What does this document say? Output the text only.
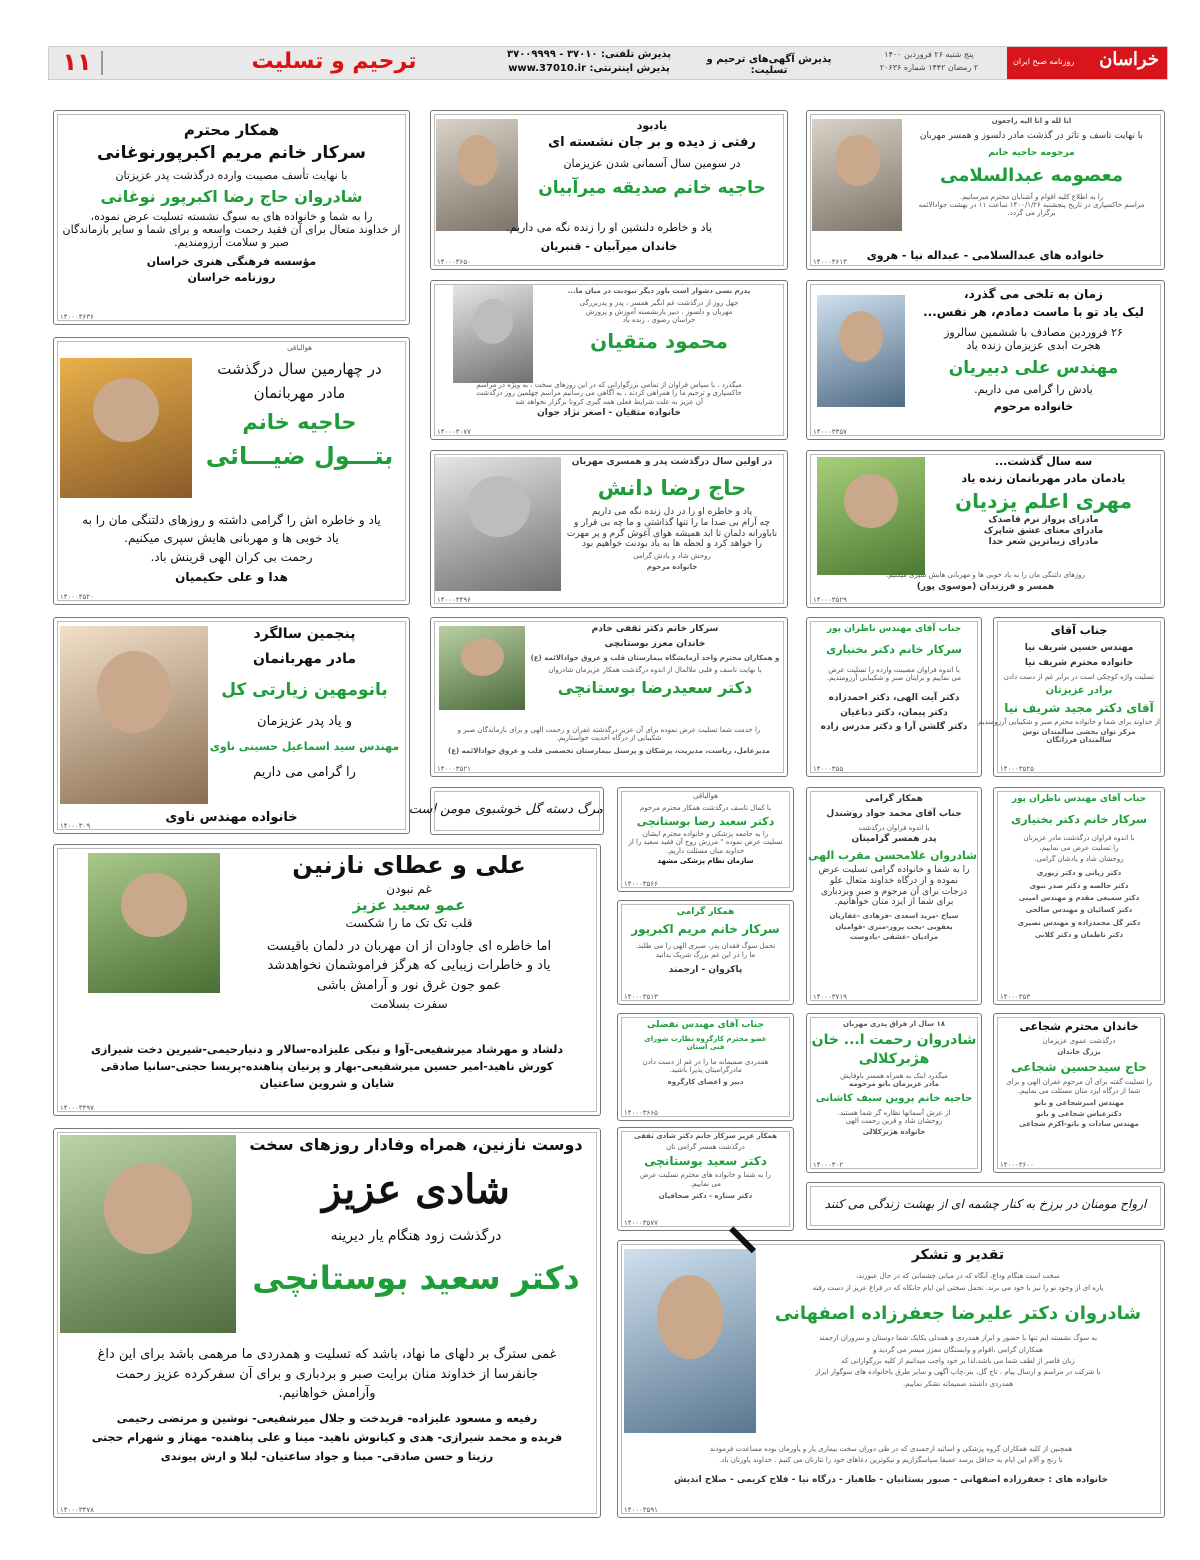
۱۱	ترحیم و تسلیت	پذیرش تلفنی: ۳۷۰۱۰ - ۳۷۰۰۹۹۹۹
پذیرش اینترنتی: www.37010.ir
پذیرش آگهی‌های ترحیم و تسلیت:
پنج شنبه ۲۶ فروردین ۱۴۰۰
۲ رمضان ۱۴۴۲ شماره ۲۰۶۳۶	خراسان
روزنامه صبح ایران
همکار محترم
سرکار خانم مریم اکبرپورنوغانی
با نهایت تأسف مصیبت وارده درگذشت پدر عزیزتان
شادروان حاج رضا اکبرپور نوغانی
را به شما و خانواده های به سوگ نشسته تسلیت عرض نموده،
از خداوند متعال برای آن فقید رحمت واسعه و برای شما و سایر بازماندگان
صبر و سلامت آرزومندیم.
مؤسسه فرهنگی هنری خراسان
روزنامه خراسان
۱۴۰۰۰۳۶۳۶
یادبود
رفتی ز دیده و بر جان نشسته ای
در سومین سال آسمانی شدن عزیزمان
حاجیه خانم صدیقه میرآبیان
یاد و خاطره دلنشین او را زنده نگه می داریم.
خاندان میرآبیان - قنبریان
۱۴۰۰۰۳۶۵۰
انا لله و انا الیه راجعون
با نهایت تاسف و تاثر در گذشت مادر دلسوز و همسر مهربان
مرحومه حاجیه خانم
معصومه عبدالسلامی
را به اطلاع کلیه اقوام و آشنایان محترم میرسانیم.
مراسم خاکسپاری در تاریخ پنجشنبه ۱۴۰۰/۱/۲۶ ساعت ۱۱ در بهشت جوادالائمه
برگزار می گردد.
خانواده های عبدالسلامی - عبداله نیا - هروی
۱۴۰۰۰۳۶۱۳
هوالباقی
در چهارمین سال درگذشت
مادر مهربانمان
حاجیه خانم
بتـــول ضیـــائی
یاد و خاطره اش را گرامی داشته و روزهای دلتنگی مان را به
یاد خوبی ها و مهربانی هایش سپری میکنیم.
رحمت بی کران الهی قرینش باد.
هدا و علی حکیمیان
۱۴۰۰۰۳۵۲۰
پدرم بسی دشوار است باور دیگر نبودنت در میان ما...
جهل روز از درگذشت غم انگیز همسر ، پدر و پدربزرگی
مهربان و دلسوز ، دبیر بازنشسته آموزش و پرورش
خراسان رضوی ، زنده یاد
محمود متقیان
میگذرد ، با سپاس فراوان از تمامی بزرگوارانی که در این روزهای سخت ، به ویژه در مراسم
خاکسپاری و ترحیم ما را همراهی کردند ، به آگاهی می رسانیم مراسم چهلمین روز درگذشت
آن عزیز به علت شرایط فعلی همه گیری کرونا برگزار نخواهد شد
خانواده متقیان - اصغر نژاد جوان
۱۴۰۰۰۳۰۷۷
زمان به تلخی می گذرد،
لیک یاد تو با ماست دمادم، هر نفس...
۲۶ فروردین مصادف با ششمین سالروز
هجرت ابدی عزیزمان زنده یاد
مهندس علی دبیریان
یادش را گرامی می داریم.
خانواده مرحوم
۱۴۰۰۰۳۳۵۷
در اولین سال درگذشت پدر و همسری مهربان
حاج رضا دانش
یاد و خاطره او را در دل زنده نگه می داریم
چه آرام بی صدا ما را تنها گذاشتی و ما چه بی قرار و
ناباورانه دلمان تا ابد همیشه هوای آغوش گرم و پر مهرت
را خواهد کرد و لحظه ها به یاد بودنت خواهیم بود
روحش شاد و یادش گرامی
خانواده مرحوم
۱۴۰۰۰۳۴۹۶
سه سال گذشت...
یادمان مادر مهربانمان زنده یاد
مهری اعلم یزدیان
مادرای پرواز نرم قاصدک
مادرای معنای عشق شاپرک
مادرای زیباترین شعر خدا
روزهای دلتنگی مان را به یاد خوبی ها و مهربانی هایش سپری میکنیم.
همسر و فرزندان (موسوی پور)
۱۴۰۰۰۳۵۲۹
پنجمین سالگرد
مادر مهربانمان
بانومهین زیارتی کل
و یاد پدر عزیزمان
مهندس سید اسماعیل حسینی ناوی
را گرامی می داریم
خانواده مهندس ناوی
۱۴۰۰۰۳۰۹
سرکار خانم دکتر ثقفی خادم
خاندان معزز بوستانچی
و همکاران محترم واحد آزمایشگاه بیمارستان قلب و عروق جوادالائمه (ع)
با نهایت تاسف و قلبی ملالمال از اندوه درگذشت همکار عزیزمان شادروان
دکتر سعیدرضا بوستانچی
را خدمت شما تسلیت عرض نموده برای آن عزیز درگذشته غفران و رحمت الهی و برای بازماندگان صبر و
شکیبایی از درگاه احدیت خواستاریم.
مدیرعامل، ریاست، مدیریت، پزشکان و پرسنل بیمارستان تخصصی قلب و عروق جوادالائمه (ع)
۱۴۰۰۰۳۵۲۱
جناب آقای مهندس ناظران پور
سرکار خانم دکتر بختیاری
با اندوه فراوان مصیبت وارده را تسلیت عرض
می نماییم و برایتان صبر و شکیبایی آرزومندیم.
دکتر آیت الهی، دکتر احمدزاده
دکتر پیمان، دکتر دباغیان
دکتر گلشن آرا و دکتر مدرس زاده
۱۴۰۰۰۳۵۵
جناب آقای
مهندس حسین شریف نیا
خانواده محترم شریف نیا
تسلیت واژه کوچکی است در برابر غم از دست دادن
برادر عزیزتان
آقای دکتر مجید شریف نیا
از خداوند برای شما و خانواده محترم صبر و شکیبایی آرزومندیم
مرکز توان بخشی سالمندان توس
سالمندان فرزانگان
۱۴۰۰۰۳۵۲۵
مرگ دسته گل خوشبوی مومن است
هوالباقی
با کمال تاسف درگذشت همکار محترم مرحوم
دکتر سعید رضا بوستانچی
را به جامعه پزشکی و خانواده محترم ایشان
تسلیت عرض نموده " مرزش روح آن فقید سعید را از
خداوند منان مسئلت داریم.
سازمان نظام پزشکی مشهد
۱۴۰۰۰۳۵۶۶
همکار گرامی
جناب آقای محمد جواد روشندل
با اندوه فراوان درگذشت
پدر همسر گرامیتان
شادروان غلامحسن مقرب الهی
را به شما و خانواده گرامی تسلیت عرض
نموده و از درگاه خداوند متعال علو
درجات برای آن مرحوم و صبر وبردباری
برای شما از ایزد منان خواهانیم.
سیاح -مرید اسعدی -فرهادی -غفاریان
یعقوبی -بخت پرور-منری -قوامیان
مرادیان -عشقی -بادوست
۱۴۰۰۰۳۷۱۹
جناب آقای مهندس ناظران پور
سرکار خانم دکتر بختیاری
با اندوه فراوان درگذشت مادر عزیزتان
را تسلیت عرض می نماییم،
روحشان شاد و یادشان گرامی.
دکتر زیانی و دکتر زیوری
دکتر خالصه و دکتر صدر نبوی
دکتر سمیعی مقدم و مهندس امینی
دکتر کسائیان و مهندس صالحی
دکتر گل محمدزاده و مهندس نصیری
دکتر ناظمان و دکتر کلانی
۱۴۰۰۰۳۵۳
همکار گرامی
سرکار خانم مریم اکبرپور
تحمل سوگ فقدان پدر، صبری الهی را می طلبد.
ما را در این غم بزرگ شریک بدانید
پاکروان - ارجمند
۱۴۰۰۰۳۵۱۳
علی و عطای نازنین
غم نبودن
عمو سعید عزیز
قلب تک تک ما را شکست
اما خاطره ای جاودان از ان مهربان در دلمان باقیست
یاد و خاطرات زیبایی که هرگز فراموشمان نخواهدشد
عمو جون غرق نور و آرامش باشی
سفرت بسلامت
دلشاد و مهرشاد میرشفیعی-آوا و نیکی علیزاده-سالار و دنیارحیمی-شیرین دخت شیرازی
کورش ناهید-امیر حسین میرشفیعی-بهار و پرنیان پناهنده-پریسا حجتی-سانیا صادقی
شایان و شروین ساعتیان
۱۴۰۰۰۳۴۹۷
جناب آقای مهندس تفضلی
عضو محترم کارگروه نظارت شورای
فنی استان
همدردی صمیمانه ما را در غم از دست دادن
مادرگرامیتان پذیرا باشید.
دبیر و اعضای کارگروه
۱۴۰۰۰۳۶۶۵
۱۸ سال از فراق پدری مهربان
شادروان رحمت ا... خان
هژبرکلالی
میگذرد اینک به همراه همسر باوفایش
مادر عزیزمان بانو مرحومه
حاجیه خانم پروین سیف کاشانی
از عرش آسمانها نظاره گر شما هستند.
روحشان شاد و قرین رحمت الهی
خانواده هژبرکلالی
۱۴۰۰۰۳۰۲
خاندان محترم شجاعی
درگذشت عموی عزیزمان
بزرگ خاندان
حاج سیدحسین شجاعی
را تسلیت گفته برای آن مرحوم غفران الهی و برای
شما از درگاه ایزد منان مسئلت می نماییم.
مهندس امیرشجاعی و بانو
دکترعباس شجاعی و بانو
مهندس سادات و بانو-اکرم شجاعی
۱۴۰۰۰۳۶۰۰
همکار عزیز سرکار خانم دکتر شادی ثقفی
درگذشت همسر گرامی تان
دکتر سعید بوستانچی
را به شما و خانواده های محترم تسلیت عرض
می نماییم.
دکتر ستاره - دکتر صحافیان
۱۴۰۰۰۳۵۷۷
ارواح مومنان در برزخ به کنار چشمه ای از بهشت زندگی می کنند
دوست نازنین، همراه وفادار روزهای سخت
شادی عزیز
درگذشت زود هنگام یار دیرینه
دکتر سعید بوستانچی
غمی سترگ بر دلهای ما نهاد، باشد که تسلیت و همدردی ما مرهمی باشد برای این داغ
جانفرسا از خداوند منان برایت صبر و بردباری و برای آن سفرکرده عزیز رحمت
وآرامش خواهانیم.
رفیعه و مسعود علیزاده- فریدخت و جلال میرشفیعی- نوشین و مرتضی رحیمی
فریده و محمد شیرازی- هدی و کیانوش ناهید- مینا و علی پناهنده- مهناز و شهرام حجتی
رزیتا و حسن صادقی- مینا و جواد ساعتیان- لیلا و ارش پیوندی
۱۴۰۰۰۳۴۷۸
تقدیر و تشکر
سخت است هنگام وداع، آنگاه که در میانی چشمانی که در حال عبورند،
پاره ای از وجود تو را نیز با خود می برند. تحمل سختی این ایام جانکاه که در فراغ عزیز از دست رفته
شادروان دکتر علیرضا جعفرزاده اصفهانی
به سوگ نشسته ایم تنها با حضور و ابراز همدردی و همدلی یکایک شما دوستان و سروران ارجمند
همکاران گرامی ،اقوام و وابستگان معزز میسر می گردید و
زبان قاصر از لطف شما می باشد،لذا بر خود واجب میدانیم از کلیه بزرگوارانی که
با شرکت در مراسم و ارسال پیام ، تاج گل، بنر،چاپ آگهی و سایر طرق باخانواده های سوگوار ابراز
همدردی داشتند صمیمانه تشکر نماییم.
همچنین از کلیه همکاران گروه پزشکی و اساتید ارجمندی که در طی دوران سخت بیماری یار و یاورمان بوده مساعدت فرمودند
تا رنج و آلام این ایام به حداقل برسد عمیقا سپاسگزاریم و نیکوترین دعاهای خود را نثارتان می کنیم . خداوند یاورتان باد.
خانواده های : جعفرزاده اصفهانی - صبور بستانیان - طاهباز - درگاه نیا - فلاح کریمی - صلاح اندیش
۱۴۰۰۰۳۵۹۱
